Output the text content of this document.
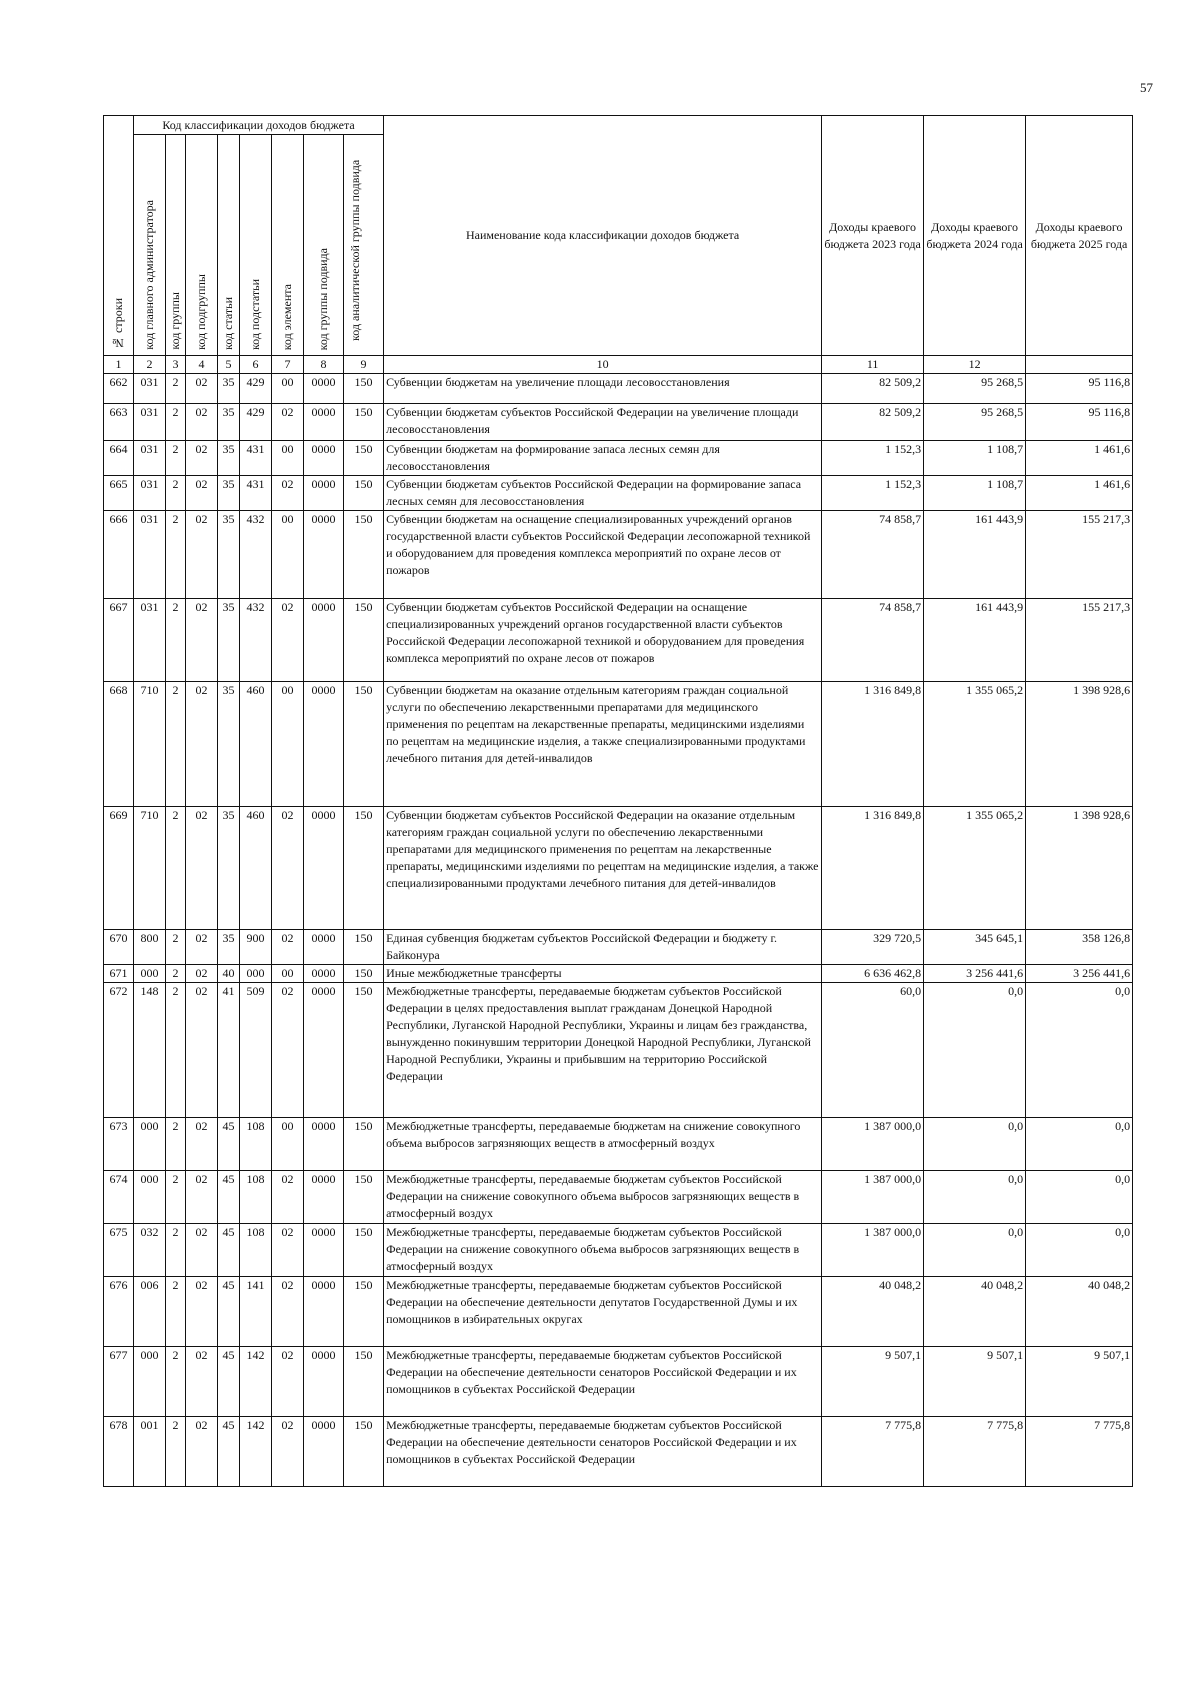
57
№ строки	Код классификации доходов бюджета								Наименование кода классификации доходов бюджета	Доходы краевого бюджета 2023 года	Доходы краевого бюджета 2024 года	Доходы краевого бюджета 2025 года
	код главного администратора	код группы	код подгруппы	код статьи	код подстатьи	код элемента	код группы подвида	код аналитической группы подвида				
1	2	3	4	5	6	7	8	9	10	11	12	
662	031	2	02	35	429	00	0000	150	Субвенции бюджетам на увеличение площади лесовосстановления	82 509,2	95 268,5	95 116,8
663	031	2	02	35	429	02	0000	150	Субвенции бюджетам субъектов Российской Федерации на увеличение площади лесовосстановления	82 509,2	95 268,5	95 116,8
664	031	2	02	35	431	00	0000	150	Субвенции бюджетам на формирование запаса лесных семян для лесовосстановления	1 152,3	1 108,7	1 461,6
665	031	2	02	35	431	02	0000	150	Субвенции бюджетам субъектов Российской Федерации на формирование запаса лесных семян для лесовосстановления	1 152,3	1 108,7	1 461,6
666	031	2	02	35	432	00	0000	150	Субвенции бюджетам на оснащение специализированных учреждений органов государственной власти субъектов Российской Федерации лесопожарной техникой и оборудованием для проведения комплекса мероприятий по охране лесов от пожаров	74 858,7	161 443,9	155 217,3
667	031	2	02	35	432	02	0000	150	Субвенции бюджетам субъектов Российской Федерации на оснащение специализированных учреждений органов государственной власти субъектов Российской Федерации лесопожарной техникой и оборудованием для проведения комплекса мероприятий по охране лесов от пожаров	74 858,7	161 443,9	155 217,3
668	710	2	02	35	460	00	0000	150	Субвенции бюджетам на оказание отдельным категориям граждан социальной услуги по обеспечению лекарственными препаратами для медицинского применения по рецептам на лекарственные препараты, медицинскими изделиями по рецептам на медицинские изделия, а также специализированными продуктами лечебного питания для детей-инвалидов	1 316 849,8	1 355 065,2	1 398 928,6
669	710	2	02	35	460	02	0000	150	Субвенции бюджетам субъектов Российской Федерации на оказание отдельным категориям граждан социальной услуги по обеспечению лекарственными препаратами для медицинского применения по рецептам на лекарственные препараты, медицинскими изделиями по рецептам на медицинские изделия, а также специализированными продуктами лечебного питания для детей-инвалидов	1 316 849,8	1 355 065,2	1 398 928,6
670	800	2	02	35	900	02	0000	150	Единая субвенция бюджетам субъектов Российской Федерации и бюджету г. Байконура	329 720,5	345 645,1	358 126,8
671	000	2	02	40	000	00	0000	150	Иные межбюджетные трансферты	6 636 462,8	3 256 441,6	3 256 441,6
672	148	2	02	41	509	02	0000	150	Межбюджетные трансферты, передаваемые бюджетам субъектов Российской Федерации в целях предоставления выплат гражданам Донецкой Народной Республики, Луганской Народной Республики, Украины и лицам без гражданства, вынужденно покинувшим территории Донецкой Народной Республики, Луганской Народной Республики, Украины и прибывшим на территорию Российской Федерации	60,0	0,0	0,0
673	000	2	02	45	108	00	0000	150	Межбюджетные трансферты, передаваемые бюджетам на снижение совокупного объема выбросов загрязняющих веществ в атмосферный воздух	1 387 000,0	0,0	0,0
674	000	2	02	45	108	02	0000	150	Межбюджетные трансферты, передаваемые бюджетам субъектов Российской Федерации на снижение совокупного объема выбросов загрязняющих веществ в атмосферный воздух	1 387 000,0	0,0	0,0
675	032	2	02	45	108	02	0000	150	Межбюджетные трансферты, передаваемые бюджетам субъектов Российской Федерации на снижение совокупного объема выбросов загрязняющих веществ в атмосферный воздух	1 387 000,0	0,0	0,0
676	006	2	02	45	141	02	0000	150	Межбюджетные трансферты, передаваемые бюджетам субъектов Российской Федерации на обеспечение деятельности депутатов Государственной Думы и их помощников в избирательных округах	40 048,2	40 048,2	40 048,2
677	000	2	02	45	142	02	0000	150	Межбюджетные трансферты, передаваемые бюджетам субъектов Российской Федерации на обеспечение деятельности сенаторов Российской Федерации и их помощников в субъектах Российской Федерации	9 507,1	9 507,1	9 507,1
678	001	2	02	45	142	02	0000	150	Межбюджетные трансферты, передаваемые бюджетам субъектов Российской Федерации на обеспечение деятельности сенаторов Российской Федерации и их помощников в субъектах Российской Федерации	7 775,8	7 775,8	7 775,8
